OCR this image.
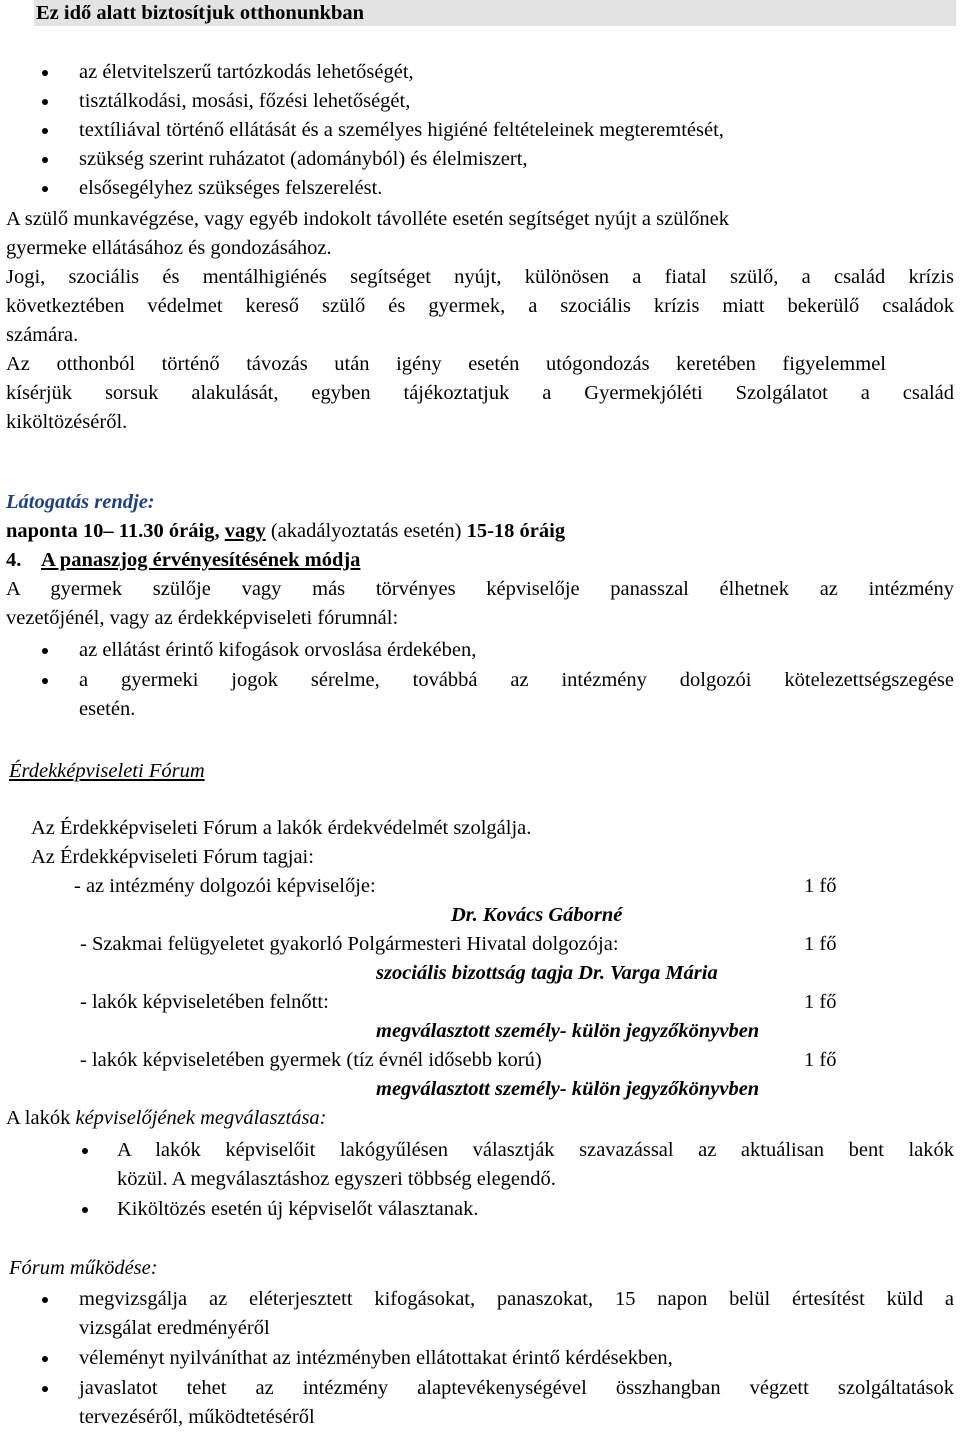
Ez idő alatt biztosítjuk otthonunkban
az életvitelszerű tartózkodás lehetőségét,
tisztálkodási, mosási, főzési lehetőségét,
textíliával történő ellátását és a személyes higiéné feltételeinek megteremtését,
szükség szerint ruházatot (adományból) és élelmiszert,
elsősegélyhez szükséges felszerelést.
A szülő munkavégzése, vagy egyéb indokolt távolléte esetén segítséget nyújt a szülőnek
gyermeke ellátásához és gondozásához.
Jogi, szociális és mentálhigiénés segítséget nyújt, különösen a fiatal szülő, a család krízis
következtében védelmet kereső szülő és gyermek, a szociális krízis miatt bekerülő családok
számára.
Az otthonból történő távozás után igény esetén utógondozás keretében figyelemmel
kísérjük sorsuk alakulását, egyben tájékoztatjuk a Gyermekjóléti Szolgálatot a család
kiköltözéséről.
Látogatás rendje:
naponta 10– 11.30 óráig, vagy (akadályoztatás esetén) 15-18 óráig
4. A panaszjog érvényesítésének módja
A gyermek szülője vagy más törvényes képviselője panasszal élhetnek az intézmény
vezetőjénél, vagy az érdekképviseleti fórumnál:
az ellátást érintő kifogások orvoslása érdekében,
a gyermeki jogok sérelme, továbbá az intézmény dolgozói kötelezettségszegése
esetén.
Érdekképviseleti Fórum
Az Érdekképviseleti Fórum a lakók érdekvédelmét szolgálja.
Az Érdekképviseleti Fórum tagjai:
- az intézmény dolgozói képviselője:	1 fő
Dr. Kovács Gáborné
- Szakmai felügyeletet gyakorló Polgármesteri Hivatal dolgozója:	1 fő
szociális bizottság tagja Dr. Varga Mária
- lakók képviseletében felnőtt:	1 fő
megválasztott személy- külön jegyzőkönyvben
- lakók képviseletében gyermek (tíz évnél idősebb korú)	1 fő
megválasztott személy- külön jegyzőkönyvben
A lakók képviselőjének megválasztása:
A lakók képviselőit lakógyűlésen választják szavazással az aktuálisan bent lakók
közül. A megválasztáshoz egyszeri többség elegendő.
Kiköltözés esetén új képviselőt választanak.
Fórum működése:
megvizsgálja az eléterjesztett kifogásokat, panaszokat, 15 napon belül értesítést küld a
vizsgálat eredményéről
véleményt nyilváníthat az intézményben ellátottakat érintő kérdésekben,
javaslatot tehet az intézmény alaptevékenységével összhangban végzett szolgáltatások
tervezéséről, működtetéséről
